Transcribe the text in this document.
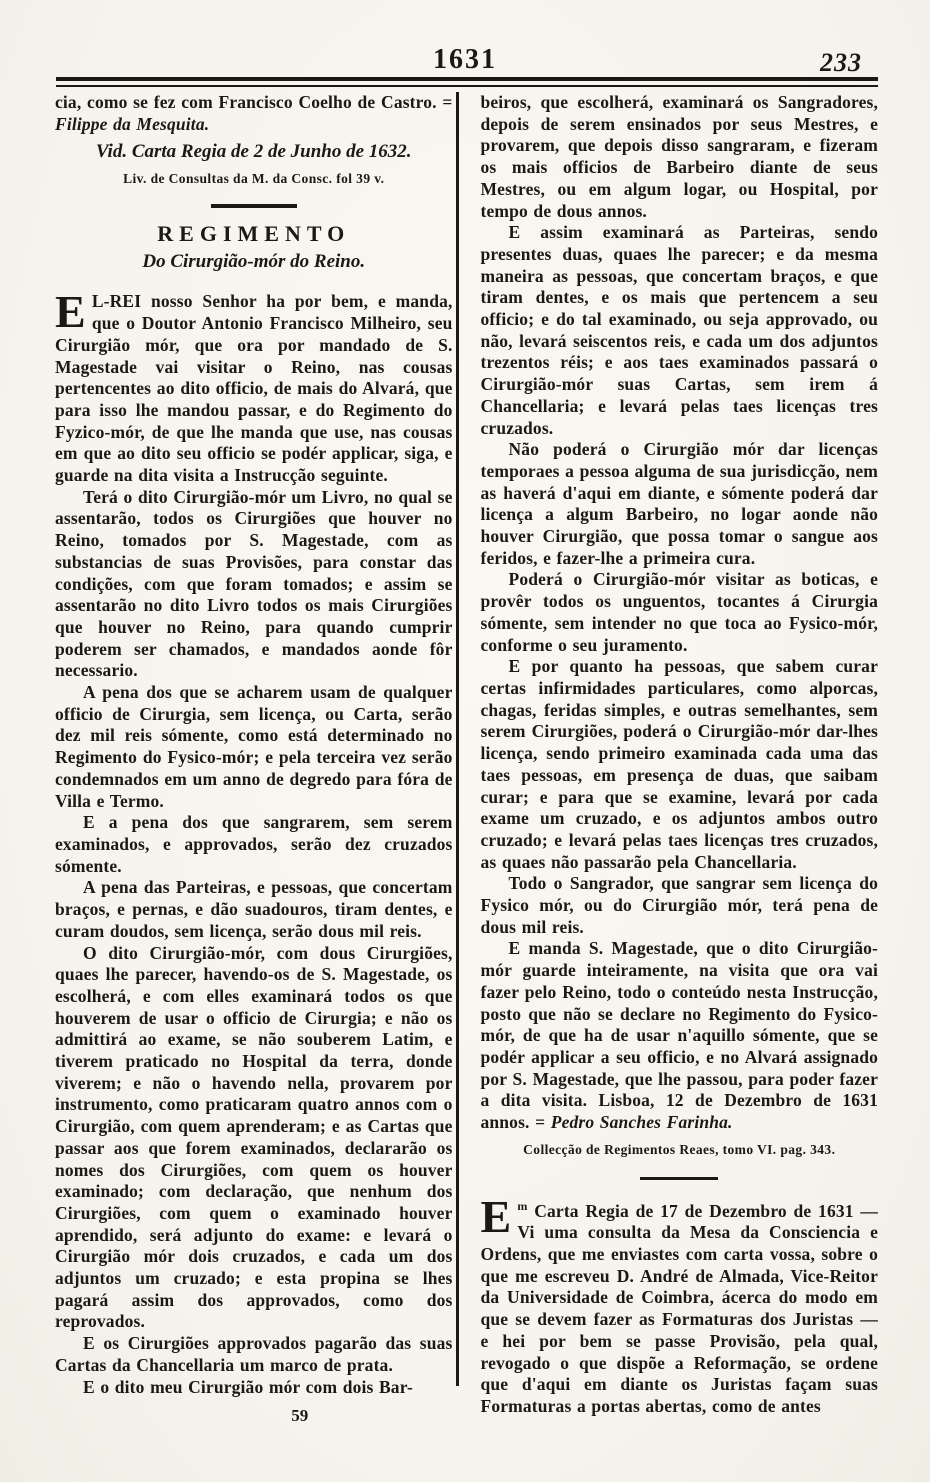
1631	233

cia, como se fez com Francisco Coelho de Castro. = Filippe da Mesquita.

Vid. Carta Regia de 2 de Junho de 1632.

Liv. de Consultas da M. da Consc. fol 39 v.

REGIMENTO
Do Cirurgião-mór do Reino.

E L-REI nosso Senhor ha por bem, e manda, que o Doutor Antonio Francisco Milheiro, seu Cirurgião mór, que ora por mandado de S. Magestade vai visitar o Reino, nas cousas pertencentes ao dito officio, de mais do Alvará, que para isso lhe mandou passar, e do Regimento do Fyzico-mór, de que lhe manda que use, nas cousas em que ao dito seu officio se podér applicar, siga, e guarde na dita visita a Instrucção seguinte.

Terá o dito Cirurgião-mór um Livro, no qual se assentarão, todos os Cirurgiões que houver no Reino, tomados por S. Magestade, com as substancias de suas Provisões, para constar das condições, com que foram tomados; e assim se assentarão no dito Livro todos os mais Cirurgiões que houver no Reino, para quando cumprir poderem ser chamados, e mandados aonde fôr necessario.

A pena dos que se acharem usam de qualquer officio de Cirurgia, sem licença, ou Carta, serão dez mil reis sómente, como está determinado no Regimento do Fysico-mór; e pela terceira vez serão condemnados em um anno de degredo para fóra de Villa e Termo.

E a pena dos que sangrarem, sem serem examinados, e approvados, serão dez cruzados sómente.

A pena das Parteiras, e pessoas, que concertam braços, e pernas, e dão suadouros, tiram dentes, e curam doudos, sem licença, serão dous mil reis.

O dito Cirurgião-mór, com dous Cirurgiões, quaes lhe parecer, havendo-os de S. Magestade, os escolherá, e com elles examinará todos os que houverem de usar o officio de Cirurgia; e não os admittirá ao exame, se não souberem Latim, e tiverem praticado no Hospital da terra, donde viverem; e não o havendo nella, provarem por instrumento, como praticaram quatro annos com o Cirurgião, com quem aprenderam; e as Cartas que passar aos que forem examinados, declararão os nomes dos Cirurgiões, com quem os houver examinado; com declaração, que nenhum dos Cirurgiões, com quem o examinado houver aprendido, será adjunto do exame: e levará o Cirurgião mór dois cruzados, e cada um dos adjuntos um cruzado; e esta propina se lhes pagará assim dos approvados, como dos reprovados.

E os Cirurgiões approvados pagarão das suas Cartas da Chancellaria um marco de prata.

E o dito meu Cirurgião mór com dois Bar-

59

beiros, que escolherá, examinará os Sangradores, depois de serem ensinados por seus Mestres, e provarem, que depois disso sangraram, e fizeram os mais officios de Barbeiro diante de seus Mestres, ou em algum logar, ou Hospital, por tempo de dous annos.

E assim examinará as Parteiras, sendo presentes duas, quaes lhe parecer; e da mesma maneira as pessoas, que concertam braços, e que tiram dentes, e os mais que pertencem a seu officio; e do tal examinado, ou seja approvado, ou não, levará seiscentos reis, e cada um dos adjuntos trezentos réis; e aos taes examinados passará o Cirurgião-mór suas Cartas, sem irem á Chancellaria; e levará pelas taes licenças tres cruzados.

Não poderá o Cirurgião mór dar licenças temporaes a pessoa alguma de sua jurisdicção, nem as haverá d'aqui em diante, e sómente poderá dar licença a algum Barbeiro, no logar aonde não houver Cirurgião, que possa tomar o sangue aos feridos, e fazer-lhe a primeira cura.

Poderá o Cirurgião-mór visitar as boticas, e provêr todos os unguentos, tocantes á Cirurgia sómente, sem intender no que toca ao Fysico-mór, conforme o seu juramento.

E por quanto ha pessoas, que sabem curar certas infirmidades particulares, como alporcas, chagas, feridas simples, e outras semelhantes, sem serem Cirurgiões, poderá o Cirurgião-mór dar-lhes licença, sendo primeiro examinada cada uma das taes pessoas, em presença de duas, que saibam curar; e para que se examine, levará por cada exame um cruzado, e os adjuntos ambos outro cruzado; e levará pelas taes licenças tres cruzados, as quaes não passarão pela Chancellaria.

Todo o Sangrador, que sangrar sem licença do Fysico mór, ou do Cirurgião mór, terá pena de dous mil reis.

E manda S. Magestade, que o dito Cirurgião-mór guarde inteiramente, na visita que ora vai fazer pelo Reino, todo o conteúdo nesta Instrucção, posto que não se declare no Regimento do Fysico-mór, de que ha de usar n'aquillo sómente, que se podér applicar a seu officio, e no Alvará assignado por S. Magestade, que lhe passou, para poder fazer a dita visita. Lisboa, 12 de Dezembro de 1631 annos. = Pedro Sanches Farinha.

Collecção de Regimentos Reaes, tomo VI. pag. 343.

E $^m$ Carta Regia de 17 de Dezembro de 1631 — Vi uma consulta da Mesa da Consciencia e Ordens, que me enviastes com carta vossa, sobre o que me escreveu D. André de Almada, Vice-Reitor da Universidade de Coimbra, ácerca do modo em que se devem fazer as Formaturas dos Juristas — e hei por bem se passe Provisão, pela qual, revogado o que dispõe a Reformação, se ordene que d'aqui em diante os Juristas façam suas Formaturas a portas abertas, como de antes
